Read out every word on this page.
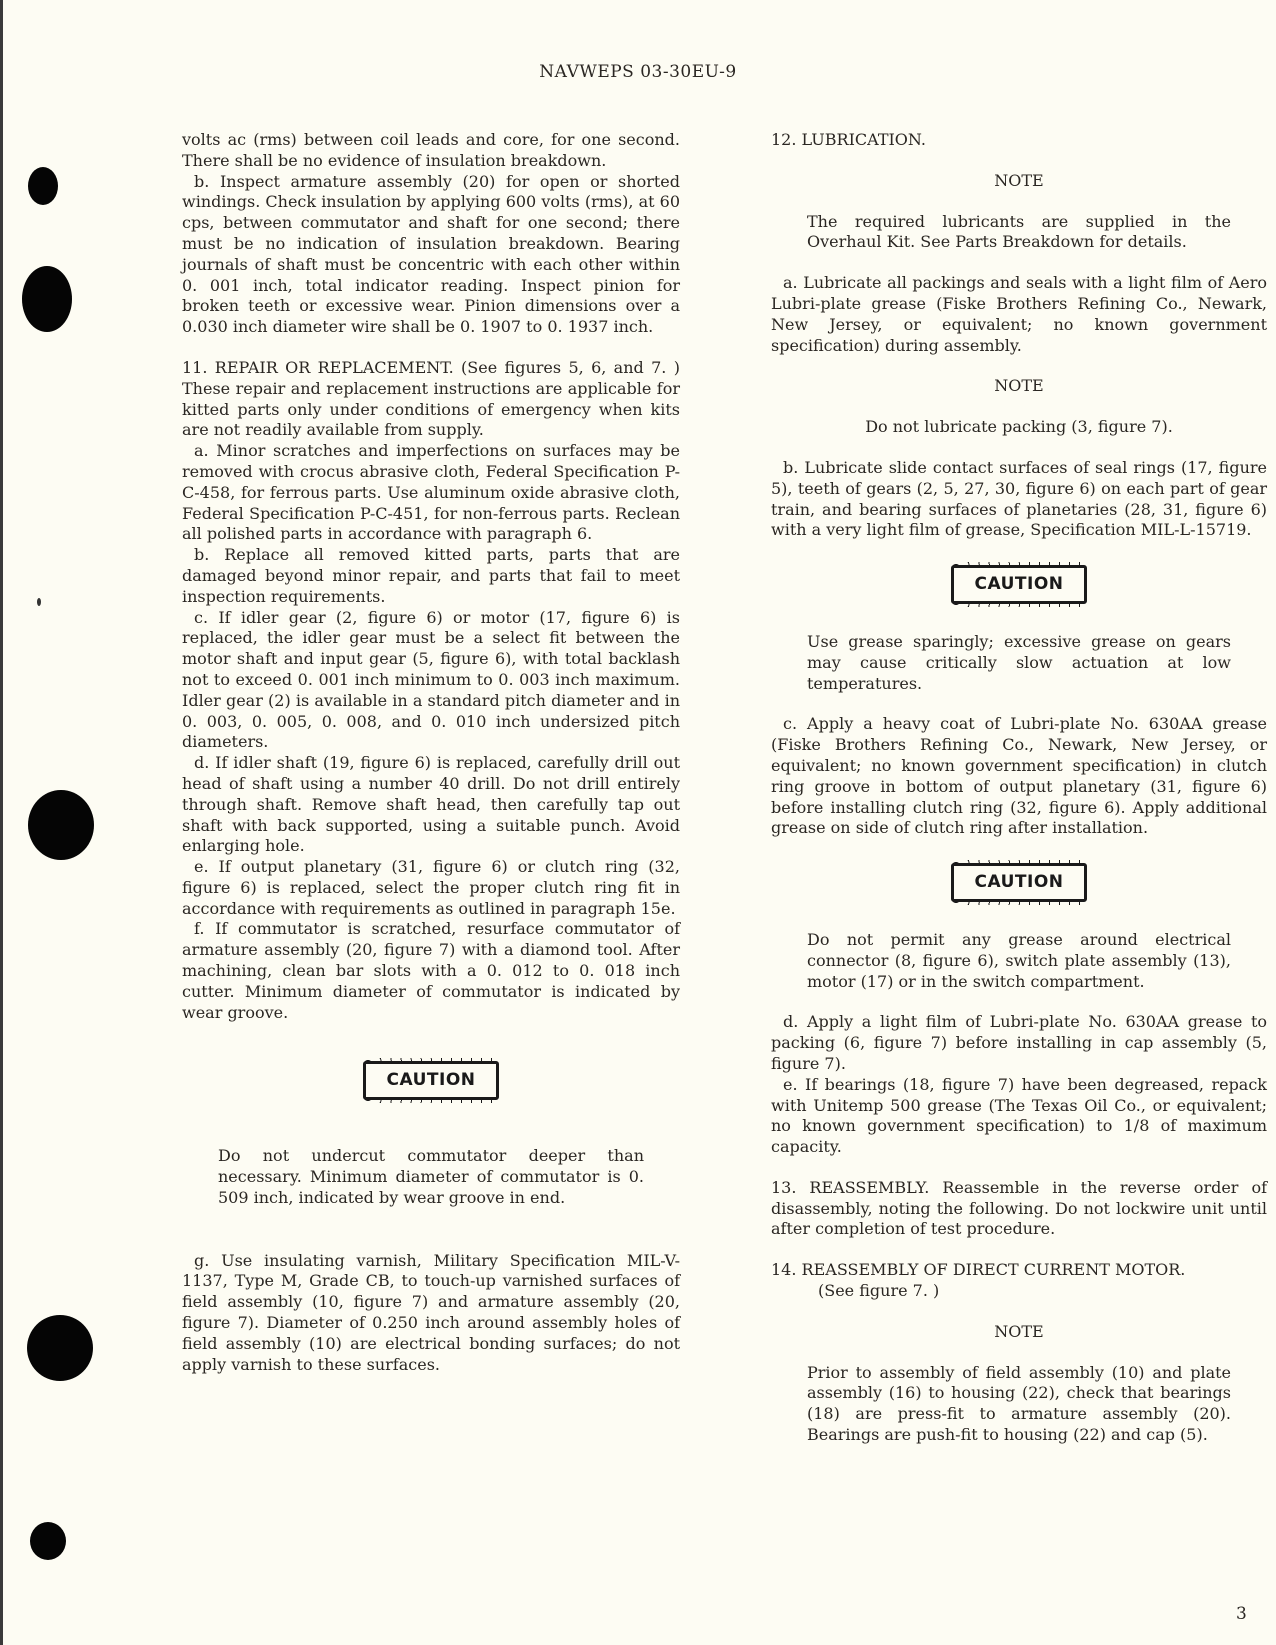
NAVWEPS 03-30EU-9

volts ac (rms) between coil leads and core, for one second. There shall be no evidence of insulation breakdown.

b. Inspect armature assembly (20) for open or shorted windings. Check insulation by applying 600 volts (rms), at 60 cps, between commutator and shaft for one second; there must be no indication of insulation breakdown. Bearing journals of shaft must be concentric with each other within 0. 001 inch, total indicator reading. Inspect pinion for broken teeth or excessive wear. Pinion dimensions over a 0.030 inch diameter wire shall be 0. 1907 to 0. 1937 inch.

11. REPAIR OR REPLACEMENT. (See figures 5, 6, and 7. ) These repair and replacement instructions are applicable for kitted parts only under conditions of emergency when kits are not readily available from supply.

a. Minor scratches and imperfections on surfaces may be removed with crocus abrasive cloth, Federal Specification P-C-458, for ferrous parts. Use aluminum oxide abrasive cloth, Federal Specification P-C-451, for non-ferrous parts. Reclean all polished parts in accordance with paragraph 6.

b. Replace all removed kitted parts, parts that are damaged beyond minor repair, and parts that fail to meet inspection requirements.

c. If idler gear (2, figure 6) or motor (17, figure 6) is replaced, the idler gear must be a select fit between the motor shaft and input gear (5, figure 6), with total backlash not to exceed 0. 001 inch minimum to 0. 003 inch maximum. Idler gear (2) is available in a standard pitch diameter and in 0. 003, 0. 005, 0. 008, and 0. 010 inch undersized pitch diameters.

d. If idler shaft (19, figure 6) is replaced, carefully drill out head of shaft using a number 40 drill. Do not drill entirely through shaft. Remove shaft head, then carefully tap out shaft with back supported, using a suitable punch. Avoid enlarging hole.

e. If output planetary (31, figure 6) or clutch ring (32, figure 6) is replaced, select the proper clutch ring fit in accordance with requirements as outlined in paragraph 15e.

f. If commutator is scratched, resurface commutator of armature assembly (20, figure 7) with a diamond tool. After machining, clean bar slots with a 0. 012 to 0. 018 inch cutter. Minimum diameter of commutator is indicated by wear groove.

CAUTION

Do not undercut commutator deeper than necessary. Minimum diameter of commutator is 0. 509 inch, indicated by wear groove in end.

g. Use insulating varnish, Military Specification MIL-V-1137, Type M, Grade CB, to touch-up varnished surfaces of field assembly (10, figure 7) and armature assembly (20, figure 7). Diameter of 0.250 inch around assembly holes of field assembly (10) are electrical bonding surfaces; do not apply varnish to these surfaces.

12. LUBRICATION.

NOTE

The required lubricants are supplied in the Overhaul Kit. See Parts Breakdown for details.

a. Lubricate all packings and seals with a light film of Aero Lubri-plate grease (Fiske Brothers Refining Co., Newark, New Jersey, or equivalent; no known government specification) during assembly.

NOTE

Do not lubricate packing (3, figure 7).

b. Lubricate slide contact surfaces of seal rings (17, figure 5), teeth of gears (2, 5, 27, 30, figure 6) on each part of gear train, and bearing surfaces of planetaries (28, 31, figure 6) with a very light film of grease, Specification MIL-L-15719.

CAUTION

Use grease sparingly; excessive grease on gears may cause critically slow actuation at low temperatures.

c. Apply a heavy coat of Lubri-plate No. 630AA grease (Fiske Brothers Refining Co., Newark, New Jersey, or equivalent; no known government specification) in clutch ring groove in bottom of output planetary (31, figure 6) before installing clutch ring (32, figure 6). Apply additional grease on side of clutch ring after installation.

CAUTION

Do not permit any grease around electrical connector (8, figure 6), switch plate assembly (13), motor (17) or in the switch compartment.

d. Apply a light film of Lubri-plate No. 630AA grease to packing (6, figure 7) before installing in cap assembly (5, figure 7).

e. If bearings (18, figure 7) have been degreased, repack with Unitemp 500 grease (The Texas Oil Co., or equivalent; no known government specification) to 1/8 of maximum capacity.

13. REASSEMBLY. Reassemble in the reverse order of disassembly, noting the following. Do not lockwire unit until after completion of test procedure.

14. REASSEMBLY OF DIRECT CURRENT MOTOR.

(See figure 7. )

NOTE

Prior to assembly of field assembly (10) and plate assembly (16) to housing (22), check that bearings (18) are press-fit to armature assembly (20). Bearings are push-fit to housing (22) and cap (5).

3
